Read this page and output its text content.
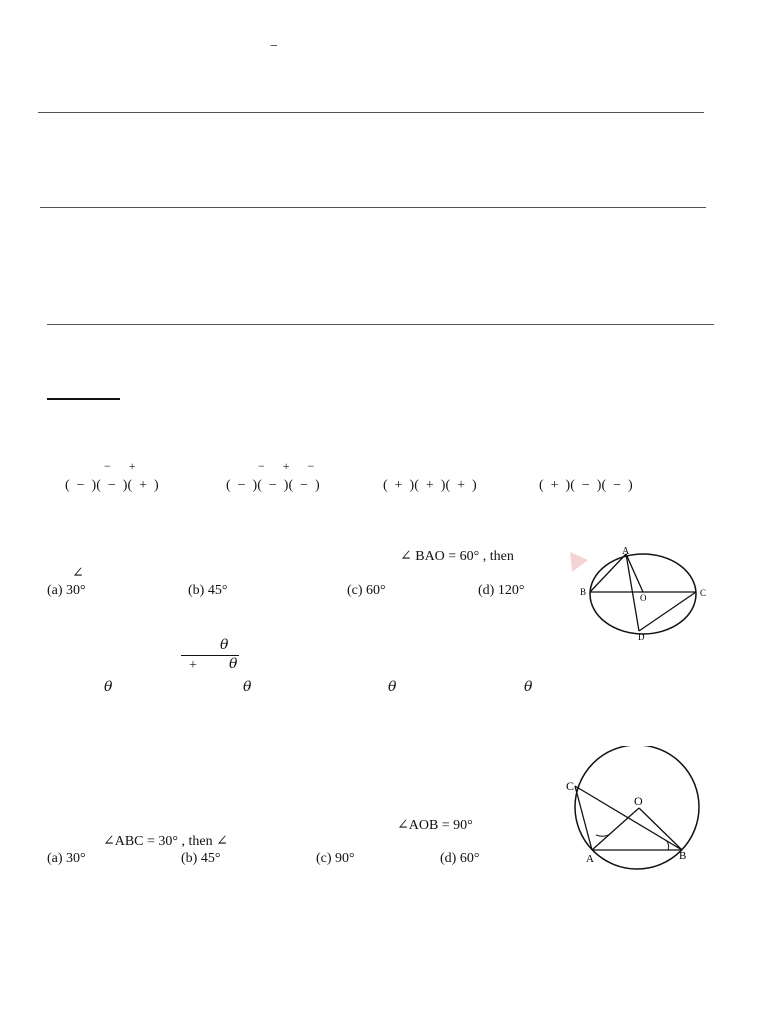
−
−      +
(  −  )(  −  )(  +  )
−      +      −
(  −  )(  −  )(  −  )	(  +  )(  +  )(  +  )	(  +  )(  −  )(  −  )
∠ BAO = 60° , then
∠
(a) 30°	(b) 45°	(c) 60°	(d) 120°
A
B	C
O
D
θ
+ θ
θ	θ	θ	θ
∠AOB = 90°
∠ABC = 30° , then ∠
(a) 30°	(b) 45°	(c) 90°	(d) 60°
C
O
A	B
